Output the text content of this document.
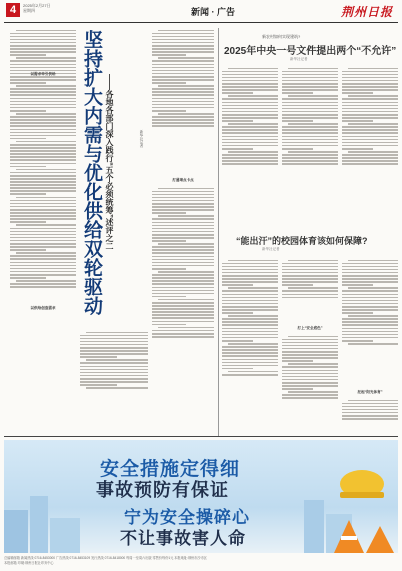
4	2025年2月27日
星期四	新闻 · 广告	荆州日报
以需求牵引供给
以供给创造需求	坚持扩大内需与优化供给双轮驱动 ——各地各部门深入践行“五个必须统筹”述评之二	新华社记者
打通堵点卡点
新农村如何实现建筑?
2025年中央一号文件提出两个“不允许”
新华社记者
“能出汗”的校园体育该如何保障?
新华社记者
打上“安全底色”
托起“阳光体育”
安全措施定得细
事故预防有保证
宁为安全操碎心
不让事故害人命
总编辑邮箱 新闻热线 0716-8453000 广告热线 0716-8453109 发行热线 0716-8418000 每周一至周六出版 零售价每份1元 本报地址:荆州市沙市区
本报邮箱 印刷:荆州日报社印务中心
